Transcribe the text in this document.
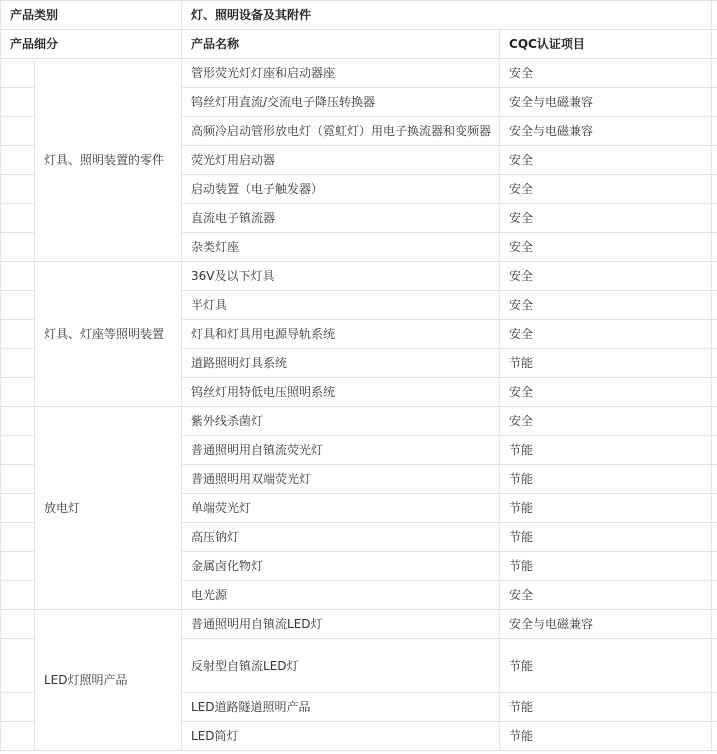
产品类别		灯、照明设备及其附件		
产品细分		产品名称	CQC认证项目	
	灯具、照明装置的零件	管形荧光灯灯座和启动器座	安全	
		钨丝灯用直流/交流电子降压转换器	安全与电磁兼容	
		高频冷启动管形放电灯（霓虹灯）用电子换流器和变频器	安全与电磁兼容	
		荧光灯用启动器	安全	
		启动装置（电子触发器）	安全	
		直流电子镇流器	安全	
		杂类灯座	安全	
	灯具、灯座等照明装置	36V及以下灯具	安全	
		半灯具	安全	
		灯具和灯具用电源导轨系统	安全	
		道路照明灯具系统	节能	
		钨丝灯用特低电压照明系统	安全	
	放电灯	紫外线杀菌灯	安全	
		普通照明用自镇流荧光灯	节能	
		普通照明用双端荧光灯	节能	
		单端荧光灯	节能	
		高压钠灯	节能	
		金属卤化物灯	节能	
		电光源	安全	
	LED灯照明产品	普通照明用自镇流LED灯	安全与电磁兼容	
		反射型自镇流LED灯	节能	
		LED道路隧道照明产品	节能	
		LED筒灯	节能	
